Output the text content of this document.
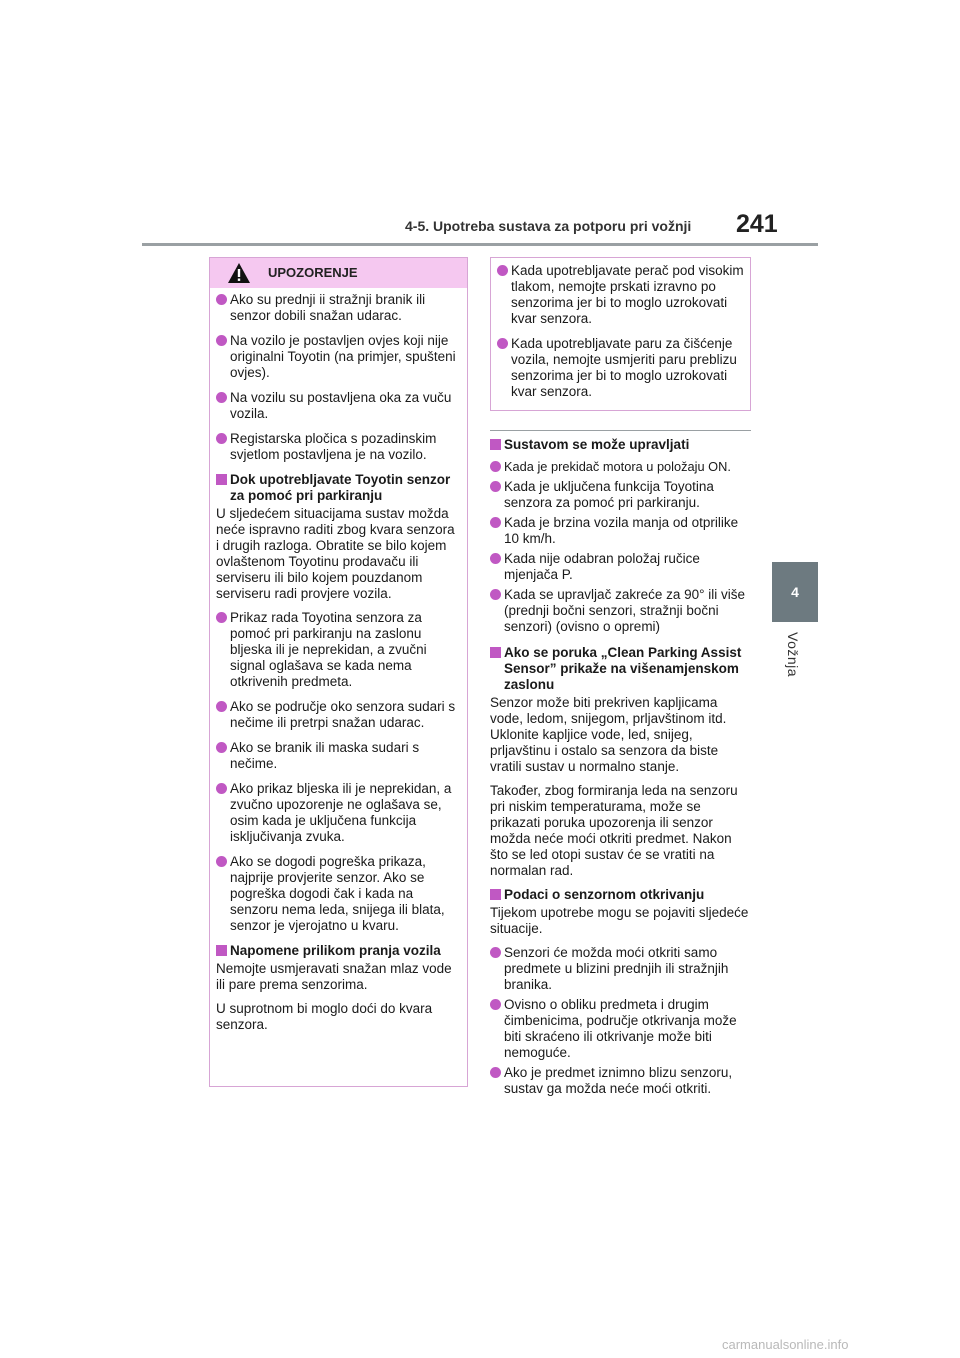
4-5. Upotreba sustava za potporu pri vožnji 241
4
Vožnja
UPOZORENJE
Ako su prednji ii stražnji branik ili senzor dobili snažan udarac.
Na vozilo je postavljen ovjes koji nije originalni Toyotin (na primjer, spušteni ovjes).
Na vozilu su postavljena oka za vuču vozila.
Registarska pločica s pozadinskim svjetlom postavljena je na vozilo.
Dok upotrebljavate Toyotin senzor za pomoć pri parkiranju
U sljedećem situacijama sustav možda neće ispravno raditi zbog kvara senzora i drugih razloga. Obratite se bilo kojem ovlaštenom Toyotinu prodavaču ili serviseru ili bilo kojem pouzdanom serviseru radi provjere vozila.
Prikaz rada Toyotina senzora za pomoć pri parkiranju na zaslonu bljeska ili je neprekidan, a zvučni signal oglašava se kada nema otkrivenih predmeta.
Ako se područje oko senzora sudari s nečime ili pretrpi snažan udarac.
Ako se branik ili maska sudari s nečime.
Ako prikaz bljeska ili je neprekidan, a zvučno upozorenje ne oglašava se, osim kada je uključena funkcija isključivanja zvuka.
Ako se dogodi pogreška prikaza, najprije provjerite senzor. Ako se pogreška dogodi čak i kada na senzoru nema leda, snijega ili blata, senzor je vjerojatno u kvaru.
Napomene prilikom pranja vozila
Nemojte usmjeravati snažan mlaz vode ili pare prema senzorima.
U suprotnom bi moglo doći do kvara senzora.
Kada upotrebljavate perač pod visokim tlakom, nemojte prskati izravno po senzorima jer bi to moglo uzrokovati kvar senzora.
Kada upotrebljavate paru za čišćenje vozila, nemojte usmjeriti paru preblizu senzorima jer bi to moglo uzrokovati kvar senzora.
Sustavom se može upravljati
Kada je prekidač motora u položaju ON.
Kada je uključena funkcija Toyotina senzora za pomoć pri parkiranju.
Kada je brzina vozila manja od otprilike 10 km/h.
Kada nije odabran položaj ručice mjenjača P.
Kada se upravljač zakreće za 90° ili više (prednji bočni senzori, stražnji bočni senzori) (ovisno o opremi)
Ako se poruka „Clean Parking Assist Sensor” prikaže na višenamjenskom zaslonu
Senzor može biti prekriven kapljicama vode, ledom, snijegom, prljavštinom itd. Uklonite kapljice vode, led, snijeg, prljavštinu i ostalo sa senzora da biste vratili sustav u normalno stanje.
Također, zbog formiranja leda na senzoru pri niskim temperaturama, može se prikazati poruka upozorenja ili senzor možda neće moći otkriti predmet. Nakon što se led otopi sustav će se vratiti na normalan rad.
Podaci o senzornom otkrivanju
Tijekom upotrebe mogu se pojaviti sljedeće situacije.
Senzori će možda moći otkriti samo predmete u blizini prednjih ili stražnjih branika.
Ovisno o obliku predmeta i drugim čimbenicima, područje otkrivanja može biti skraćeno ili otkrivanje može biti nemoguće.
Ako je predmet iznimno blizu senzoru, sustav ga možda neće moći otkriti.
carmanualsonline.info
